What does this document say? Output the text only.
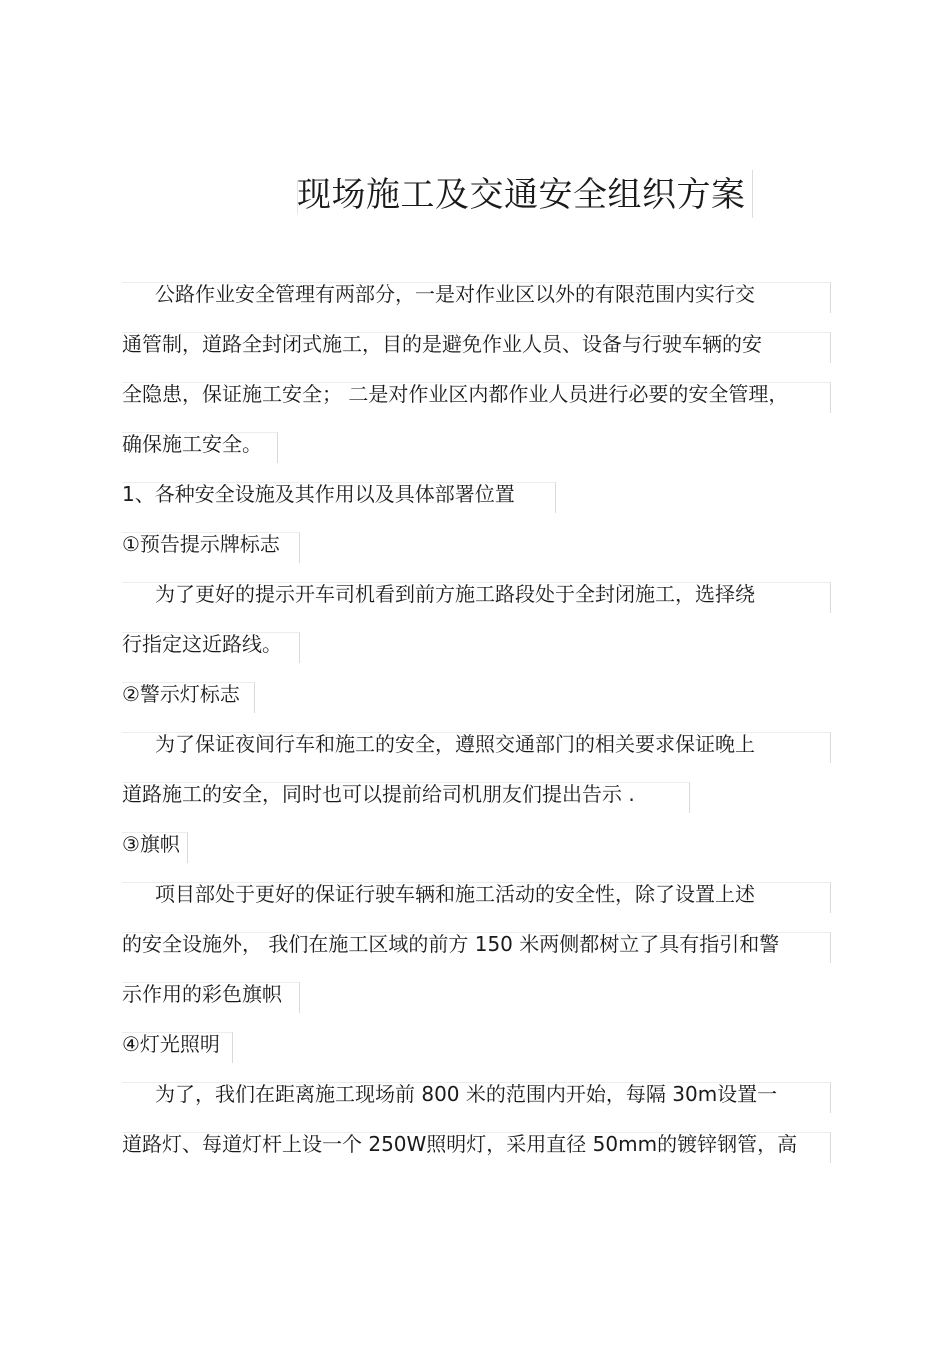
现场施工及交通安全组织方案
公路作业安全管理有两部分，一是对作业区以外的有限范围内实行交
通管制，道路全封闭式施工，目的是避免作业人员、设备与行驶车辆的安
全隐患，保证施工安全； 二是对作业区内都作业人员进行必要的安全管理，
确保施工安全。
1、各种安全设施及其作用以及具体部署位置
①预告提示牌标志
为了更好的提示开车司机看到前方施工路段处于全封闭施工，选择绕
行指定这近路线。
②警示灯标志
为了保证夜间行车和施工的安全，遵照交通部门的相关要求保证晚上
道路施工的安全，同时也可以提前给司机朋友们提出告示 .
③旗帜
项目部处于更好的保证行驶车辆和施工活动的安全性，除了设置上述
的安全设施外， 我们在施工区域的前方 150 米两侧都树立了具有指引和警
示作用的彩色旗帜
④灯光照明
为了，我们在距离施工现场前 800 米的范围内开始，每隔 30m设置一
道路灯、每道灯杆上设一个 250W照明灯，采用直径 50mm的镀锌钢管，高
